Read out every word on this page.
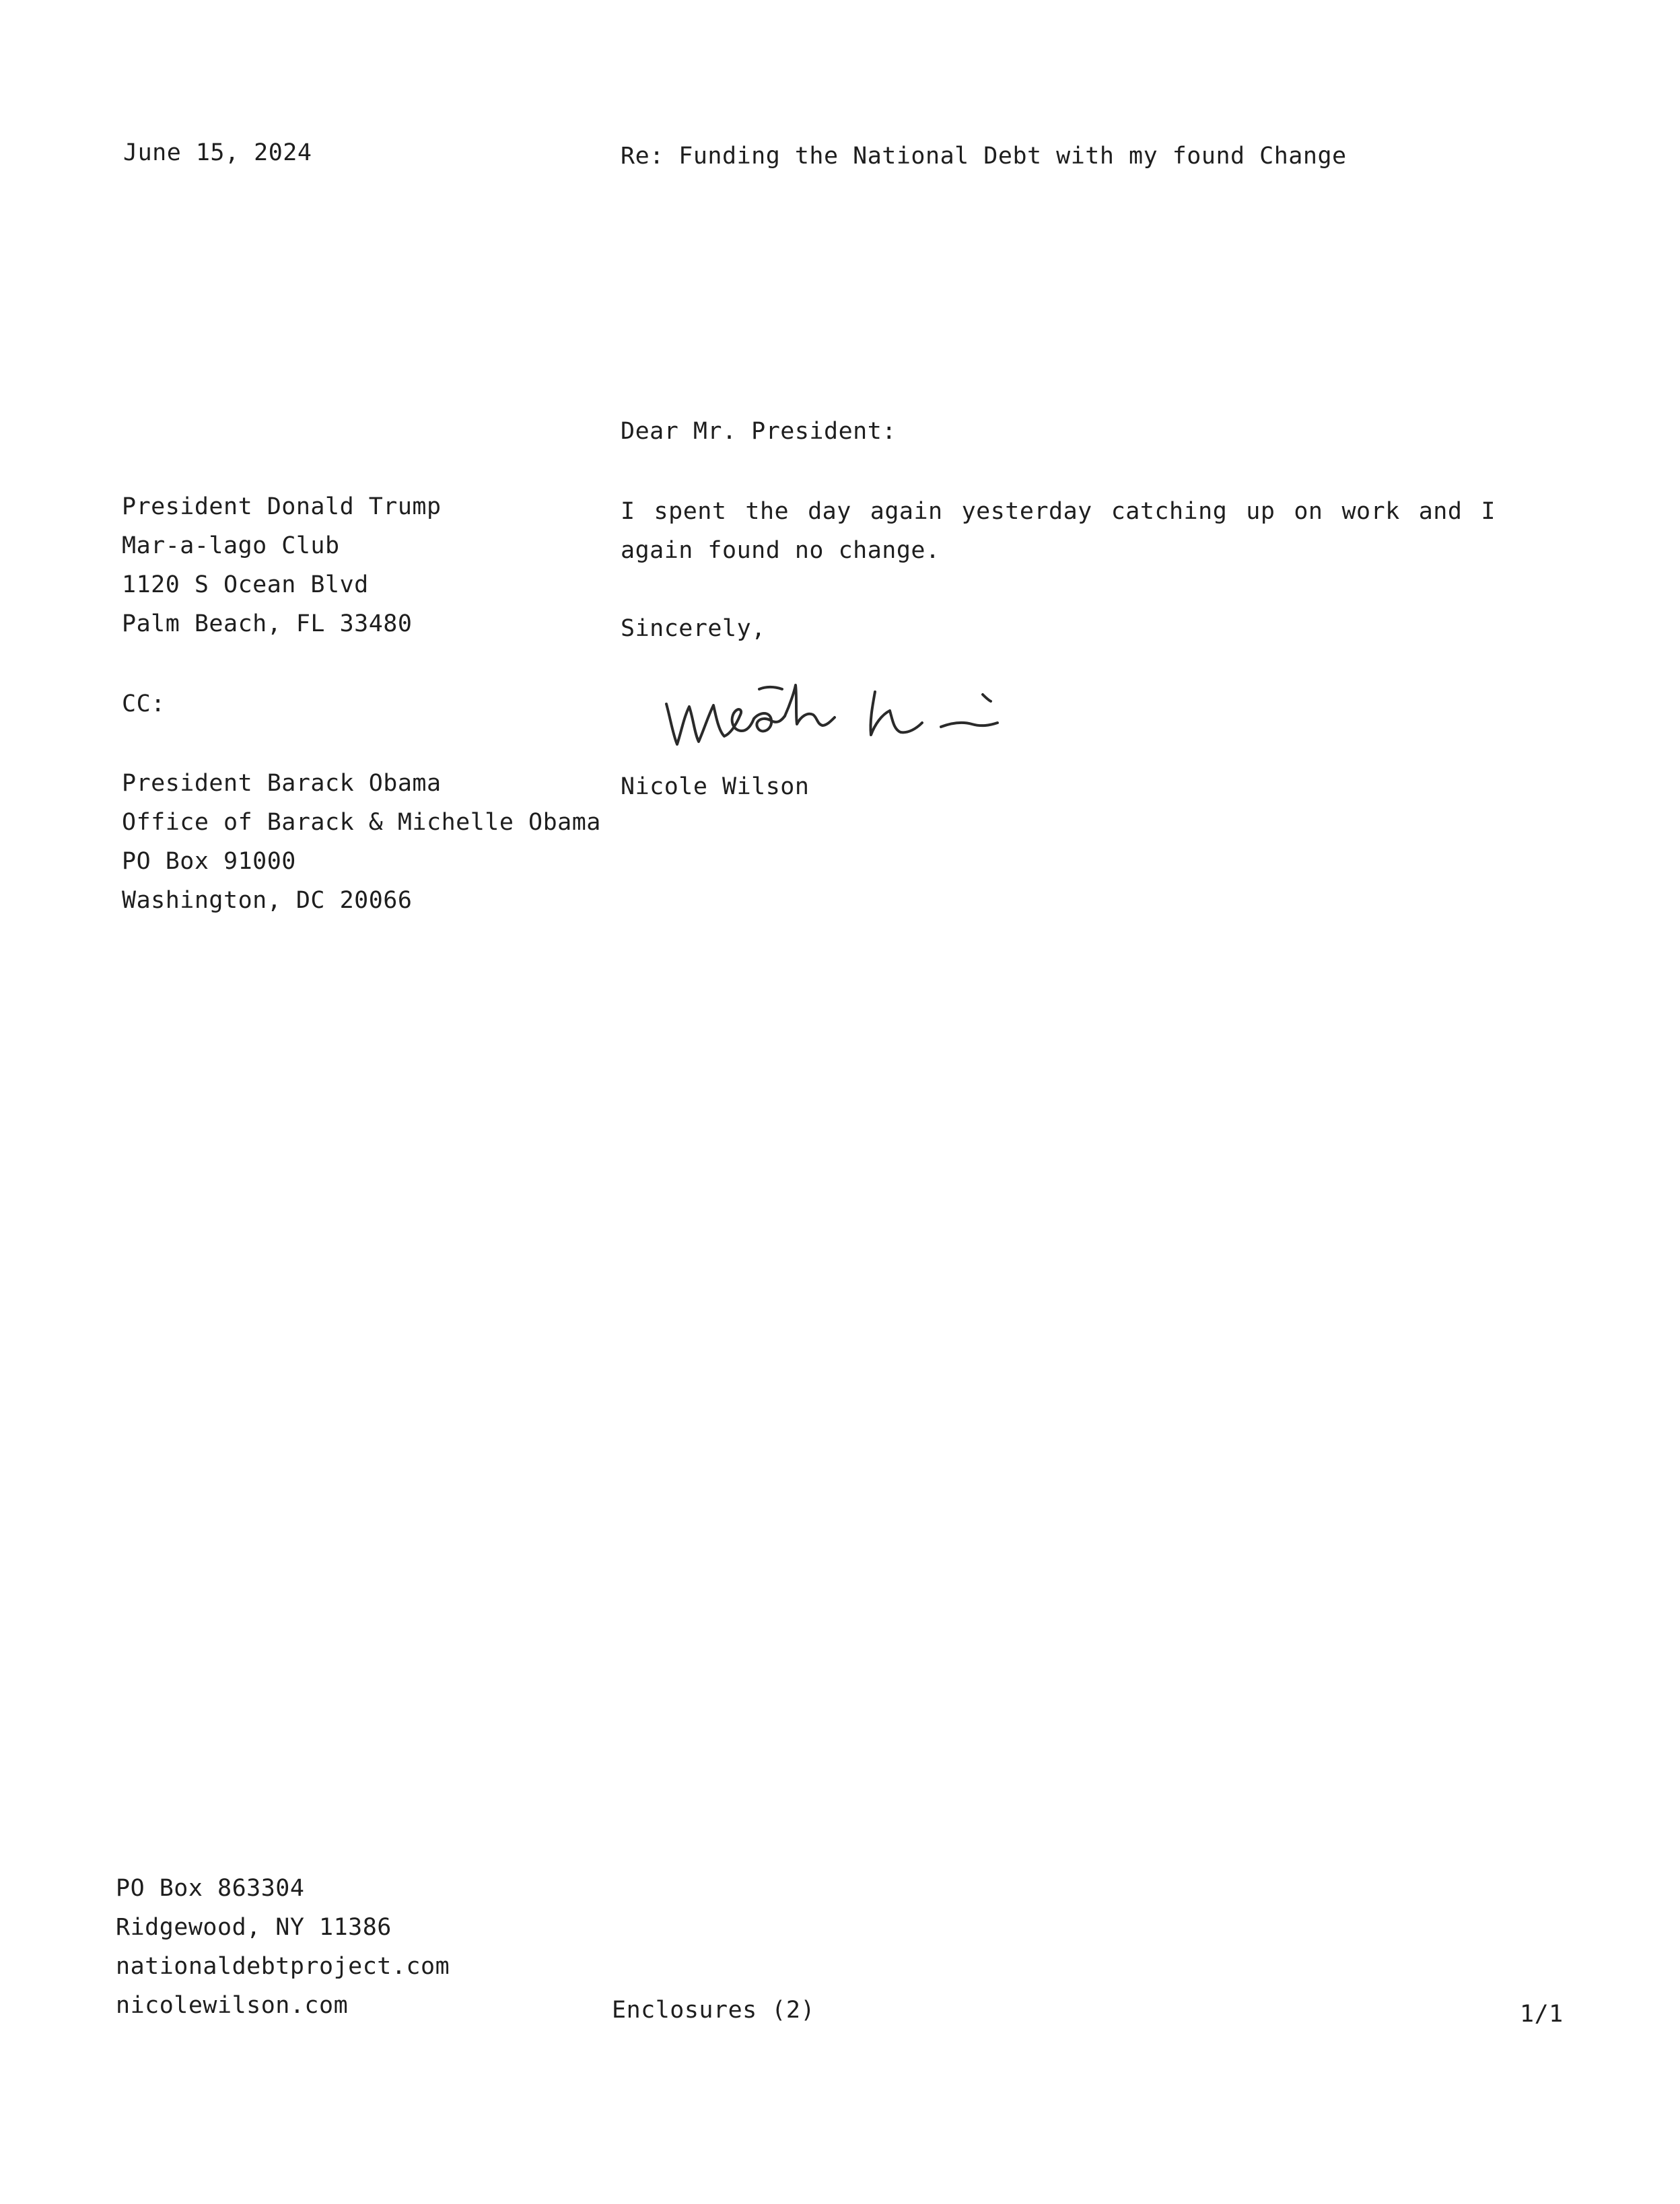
June 15, 2024	Re: Funding the National Debt with my found Change
Dear Mr. President:
President Donald Trump
Mar-a-lago Club
1120 S Ocean Blvd
Palm Beach, FL 33480
I spent the day again yesterday catching up on work and I again found no change.
Sincerely,
CC:
President Barack Obama
Office of Barack & Michelle Obama
PO Box 91000
Washington, DC 20066
Nicole Wilson
PO Box 863304
Ridgewood, NY 11386
nationaldebtproject.com
nicolewilson.com	Enclosures (2)	1/1
